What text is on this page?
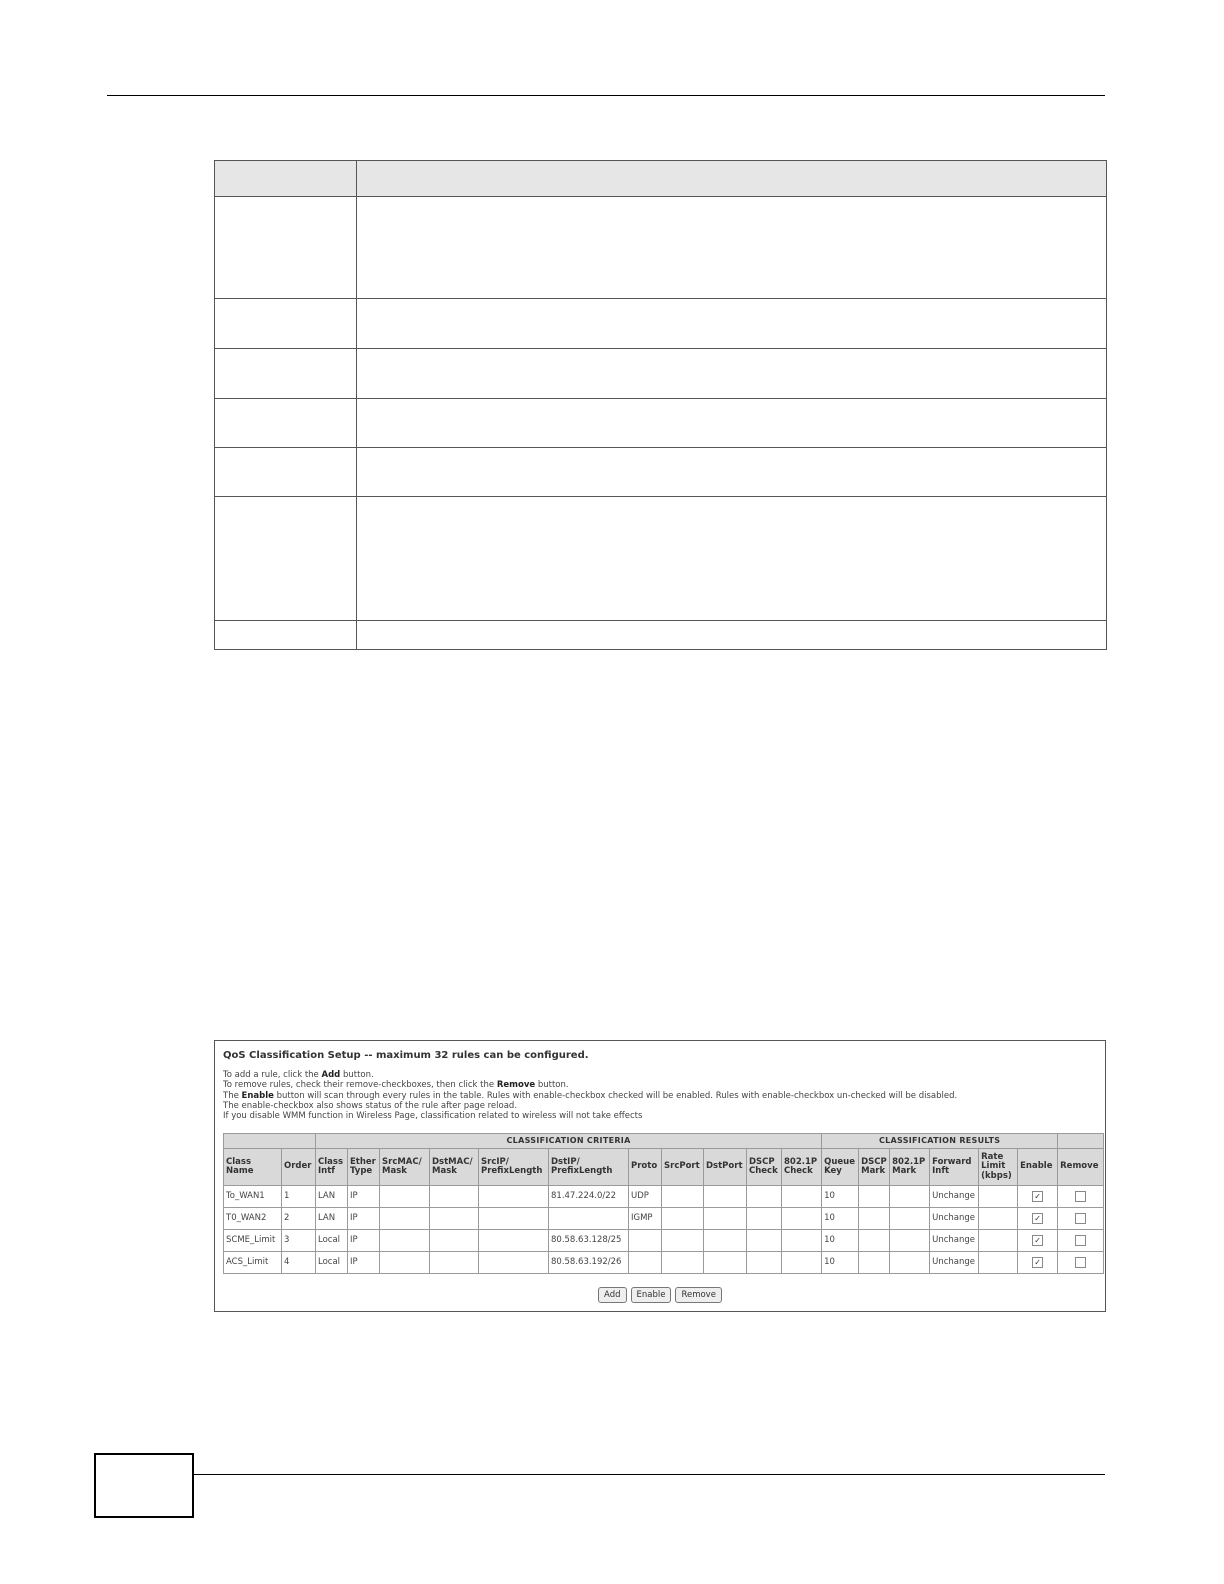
QoS Classification Setup -- maximum 32 rules can be configured.
To add a rule, click the Add button.
To remove rules, check their remove-checkboxes, then click the Remove button.
The Enable button will scan through every rules in the table. Rules with enable-checkbox checked will be enabled. Rules with enable-checkbox un-checked will be disabled.
The enable-checkbox also shows status of the rule after page reload.
If you disable WMM function in Wireless Page, classification related to wireless will not take effects
		CLASSIFICATION CRITERIA											CLASSIFICATION RESULTS						
Class Name	Order	Class Intf	Ether Type	SrcMAC/ Mask	DstMAC/ Mask	SrcIP/ PrefixLength	DstIP/ PrefixLength	Proto	SrcPort	DstPort	DSCP Check	802.1P Check	Queue Key	DSCP Mark	802.1P Mark	Forward Inft	Rate Limit (kbps)	Enable	Remove
To_WAN1	1	LAN	IP				81.47.224.0/22	UDP					10			Unchange		✓	
T0_WAN2	2	LAN	IP					IGMP					10			Unchange		✓	
SCME_Limit	3	Local	IP				80.58.63.128/25						10			Unchange		✓	
ACS_Limit	4	Local	IP				80.58.63.192/26						10			Unchange		✓	
Add Enable Remove
